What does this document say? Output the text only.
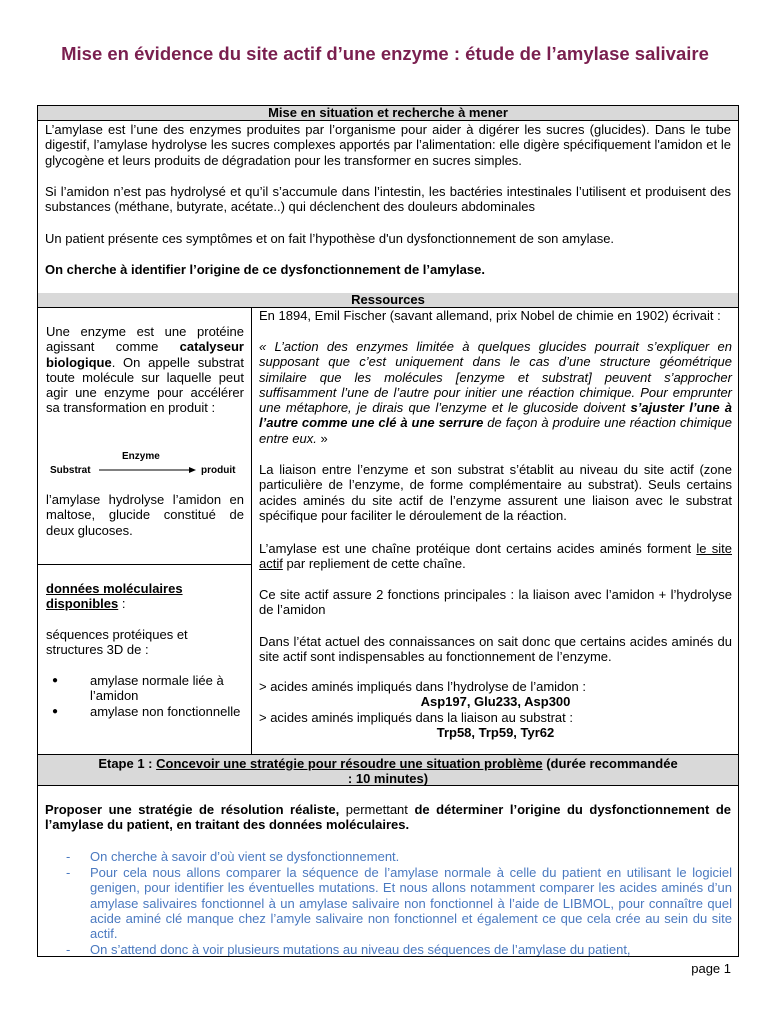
Mise en évidence du site actif d’une enzyme : étude de l’amylase salivaire
Mise en situation et recherche à mener

L’amylase est l’une des enzymes produites par l’organisme pour aider à digérer les sucres (glucides). Dans le tube digestif, l’amylase hydrolyse les sucres complexes apportés par l’alimentation: elle digère spécifiquement l'amidon et le glycogène et leurs produits de dégradation pour les transformer en sucres simples.

Si l’amidon n’est pas hydrolysé et qu’il s’accumule dans l’intestin, les bactéries intestinales l’utilisent et produisent des substances (méthane, butyrate, acétate..) qui déclenchent des douleurs abdominales

Un patient présente ces symptômes et on fait l’hypothèse d'un dysfonctionnement de son amylase.

On cherche à identifier l’origine de ce dysfonctionnement de l’amylase.

Ressources

Une enzyme est une protéine agissant comme catalyseur biologique. On appelle substrat toute molécule sur laquelle peut agir une enzyme pour accélérer sa transformation en produit :

Enzyme
Substrat	produit

l’amylase hydrolyse l’amidon en maltose, glucide constitué de deux glucoses.

données moléculaires disponibles :

séquences protéiques et structures 3D de :

● amylase normale liée à l’amidon

● amylase non fonctionnelle

En 1894, Emil Fischer (savant allemand, prix Nobel de chimie en 1902) écrivait :

« L’action des enzymes limitée à quelques glucides pourrait s’expliquer en supposant que c’est uniquement dans le cas d’une structure géométrique similaire que les molécules [enzyme et substrat] peuvent s’approcher suffisamment l’une de l’autre pour initier une réaction chimique. Pour emprunter une métaphore, je dirais que l’enzyme et le glucoside doivent s’ajuster l’une à l’autre comme une clé à une serrure de façon à produire une réaction chimique entre eux. »

La liaison entre l’enzyme et son substrat s’établit au niveau du site actif (zone particulière de l’enzyme, de forme complémentaire au substrat). Seuls certains acides aminés du site actif de l’enzyme assurent une liaison avec le substrat spécifique pour faciliter le déroulement de la réaction.

L’amylase est une chaîne protéique dont certains acides aminés forment le site actif par repliement de cette chaîne.

Ce site actif assure 2 fonctions principales : la liaison avec l’amidon + l’hydrolyse de l’amidon

Dans l’état actuel des connaissances on sait donc que certains acides aminés du site actif sont indispensables au fonctionnement de l’enzyme.

> acides aminés impliqués dans l’hydrolyse de l’amidon :

Asp197, Glu233, Asp300

> acides aminés impliqués dans la liaison au substrat :

Trp58, Trp59, Tyr62

Etape 1 : Concevoir une stratégie pour résoudre une situation problème (durée recommandée : 10 minutes)

Proposer une stratégie de résolution réaliste, permettant de déterminer l’origine du dysfonctionnement de l’amylase du patient, en traitant des données moléculaires.

- On cherche à savoir d’où vient se dysfonctionnement.

- Pour cela nous allons comparer la séquence de l’amylase normale à celle du patient en utilisant le logiciel genigen, pour identifier les éventuelles mutations. Et nous allons notamment comparer les acides aminés d’un amylase salivaires fonctionnel à un amylase salivaire non fonctionnel à l’aide de LIBMOL, pour connaître quel acide aminé clé manque chez l’amyle salivaire non fonctionnel et également ce que cela crée au sein du site actif.

- On s’attend donc à voir plusieurs mutations au niveau des séquences de l’amylase du patient,

page 1
